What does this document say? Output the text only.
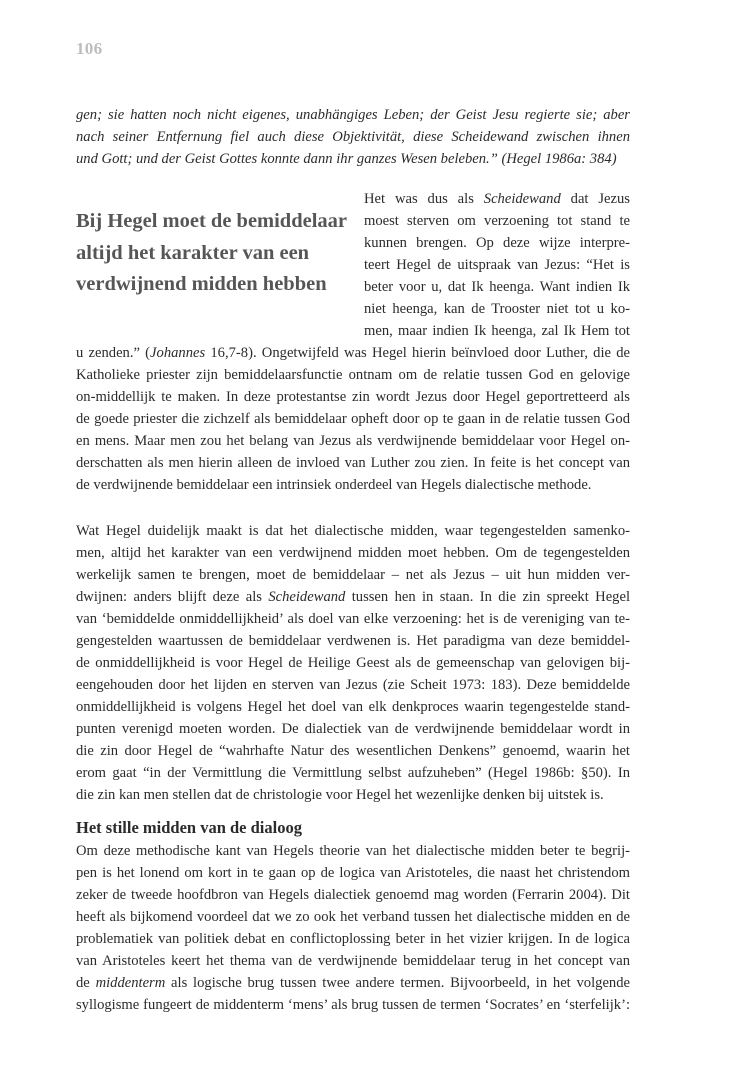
106
gen; sie hatten noch nicht eigenes, unabhängiges Leben; der Geist Jesu regierte sie; aber
nach seiner Entfernung fiel auch diese Objektivität, diese Scheidewand zwischen ihnen
und Gott; und der Geist Gottes konnte dann ihr ganzes Wesen beleben.” (Hegel 1986a: 384)
Bij Hegel moet de bemiddelaar
altijd het karakter van een
verdwijnend midden hebben
Het was dus als Scheidewand dat Jezus
moest sterven om verzoening tot stand te
kunnen brengen. Op deze wijze interpre-
teert Hegel de uitspraak van Jezus: “Het is
beter voor u, dat Ik heenga. Want indien Ik
niet heenga, kan de Trooster niet tot u ko-
men, maar indien Ik heenga, zal Ik Hem tot
u zenden.” (Johannes 16,7-8). Ongetwijfeld was Hegel hierin beïnvloed door Luther, die de
Katholieke priester zijn bemiddelaarsfunctie ontnam om de relatie tussen God en gelovige
on-middellijk te maken. In deze protestantse zin wordt Jezus door Hegel geportretteerd als
de goede priester die zichzelf als bemiddelaar opheft door op te gaan in de relatie tussen God
en mens. Maar men zou het belang van Jezus als verdwijnende bemiddelaar voor Hegel on-
derschatten als men hierin alleen de invloed van Luther zou zien. In feite is het concept van
de verdwijnende bemiddelaar een intrinsiek onderdeel van Hegels dialectische methode.
Wat Hegel duidelijk maakt is dat het dialectische midden, waar tegengestelden samenko-
men, altijd het karakter van een verdwijnend midden moet hebben. Om de tegengestelden
werkelijk samen te brengen, moet de bemiddelaar – net als Jezus – uit hun midden ver-
dwijnen: anders blijft deze als Scheidewand tussen hen in staan. In die zin spreekt Hegel
van ‘bemiddelde onmiddellijkheid’ als doel van elke verzoening: het is de vereniging van te-
gengestelden waartussen de bemiddelaar verdwenen is. Het paradigma van deze bemiddel-
de onmiddellijkheid is voor Hegel de Heilige Geest als de gemeenschap van gelovigen bij-
eengehouden door het lijden en sterven van Jezus (zie Scheit 1973: 183). Deze bemiddelde
onmiddellijkheid is volgens Hegel het doel van elk denkproces waarin tegengestelde stand-
punten verenigd moeten worden. De dialectiek van de verdwijnende bemiddelaar wordt in
die zin door Hegel de “wahrhafte Natur des wesentlichen Denkens” genoemd, waarin het
erom gaat “in der Vermittlung die Vermittlung selbst aufzuheben” (Hegel 1986b: §50). In
die zin kan men stellen dat de christologie voor Hegel het wezenlijke denken bij uitstek is.
Het stille midden van de dialoog
Om deze methodische kant van Hegels theorie van het dialectische midden beter te begrij-
pen is het lonend om kort in te gaan op de logica van Aristoteles, die naast het christendom
zeker de tweede hoofdbron van Hegels dialectiek genoemd mag worden (Ferrarin 2004). Dit
heeft als bijkomend voordeel dat we zo ook het verband tussen het dialectische midden en de
problematiek van politiek debat en conflictoplossing beter in het vizier krijgen. In de logica
van Aristoteles keert het thema van de verdwijnende bemiddelaar terug in het concept van
de middenterm als logische brug tussen twee andere termen. Bijvoorbeeld, in het volgende
syllogisme fungeert de middenterm ‘mens’ als brug tussen de termen ‘Socrates’ en ‘sterfelijk’:
